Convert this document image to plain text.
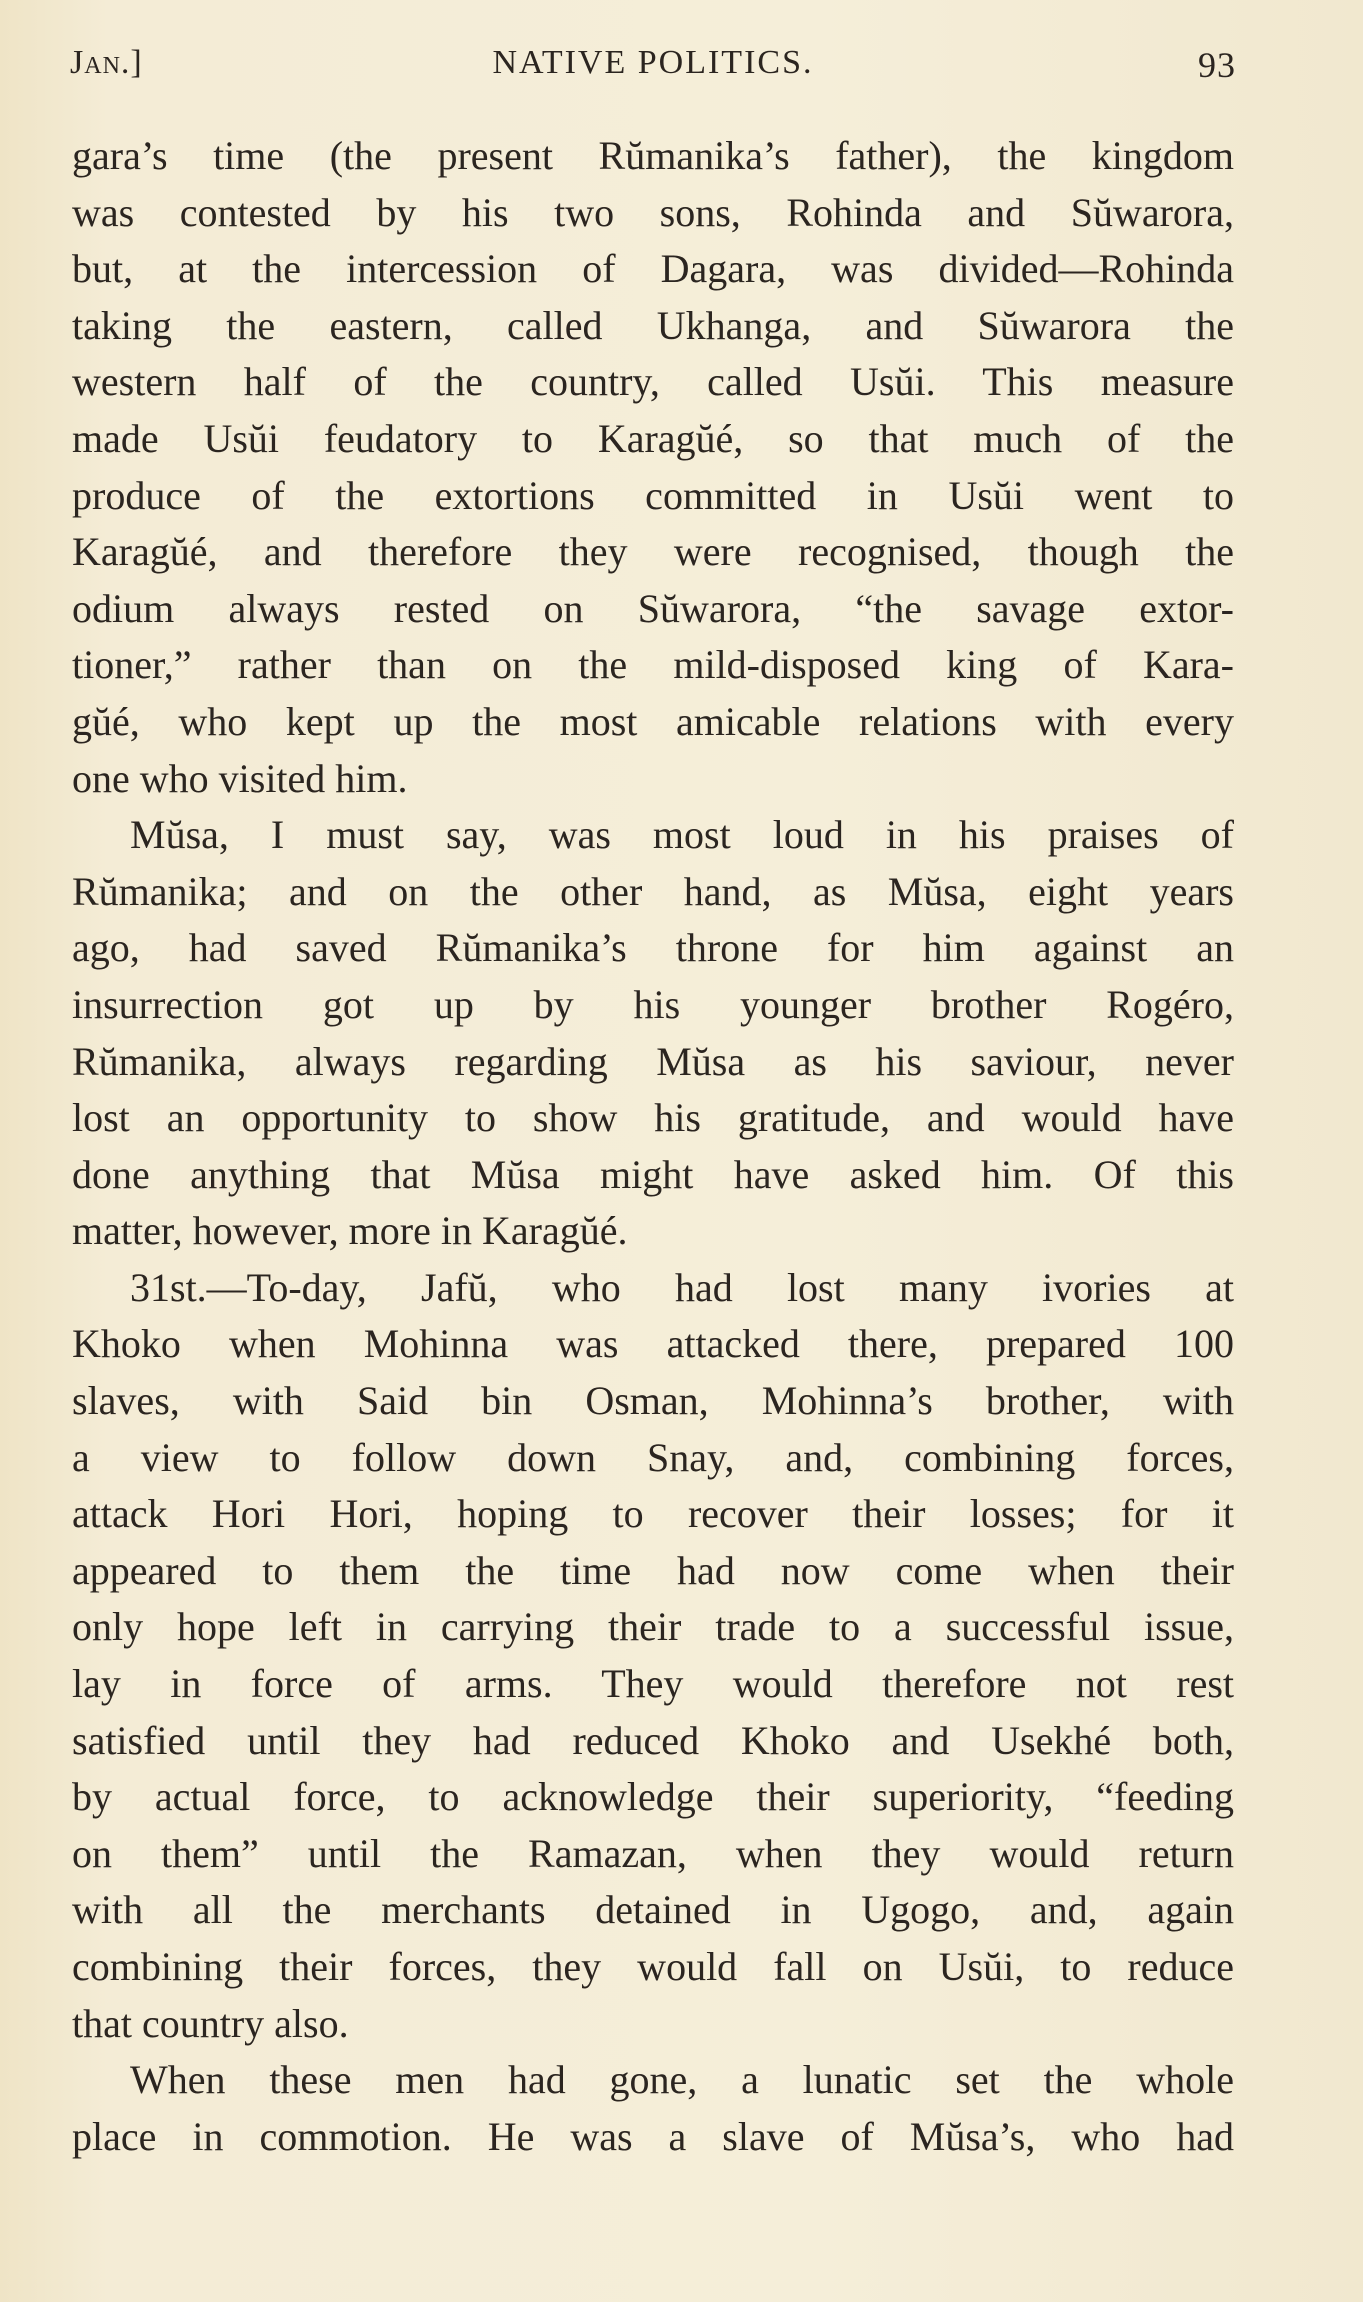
Jan.]	NATIVE POLITICS.	93
gara’s time (the present Rŭmanika’s father), the kingdom
was contested by his two sons, Rohinda and Sŭwarora,
but, at the intercession of Dagara, was divided—Rohinda
taking the eastern, called Ukhanga, and Sŭwarora the
western half of the country, called Usŭi. This measure
made Usŭi feudatory to Karagŭé, so that much of the
produce of the extortions committed in Usŭi went to
Karagŭé, and therefore they were recognised, though the
odium always rested on Sŭwarora, “the savage extor-
tioner,” rather than on the mild-disposed king of Kara-
gŭé, who kept up the most amicable relations with every
one who visited him.
Mŭsa, I must say, was most loud in his praises of
Rŭmanika; and on the other hand, as Mŭsa, eight years
ago, had saved Rŭmanika’s throne for him against an
insurrection got up by his younger brother Rogéro,
Rŭmanika, always regarding Mŭsa as his saviour, never
lost an opportunity to show his gratitude, and would have
done anything that Mŭsa might have asked him. Of this
matter, however, more in Karagŭé.
31st.—To-day, Jafŭ, who had lost many ivories at
Khoko when Mohinna was attacked there, prepared 100
slaves, with Said bin Osman, Mohinna’s brother, with
a view to follow down Snay, and, combining forces,
attack Hori Hori, hoping to recover their losses; for it
appeared to them the time had now come when their
only hope left in carrying their trade to a successful issue,
lay in force of arms. They would therefore not rest
satisfied until they had reduced Khoko and Usekhé both,
by actual force, to acknowledge their superiority, “feeding
on them” until the Ramazan, when they would return
with all the merchants detained in Ugogo, and, again
combining their forces, they would fall on Usŭi, to reduce
that country also.
When these men had gone, a lunatic set the whole
place in commotion. He was a slave of Mŭsa’s, who had
